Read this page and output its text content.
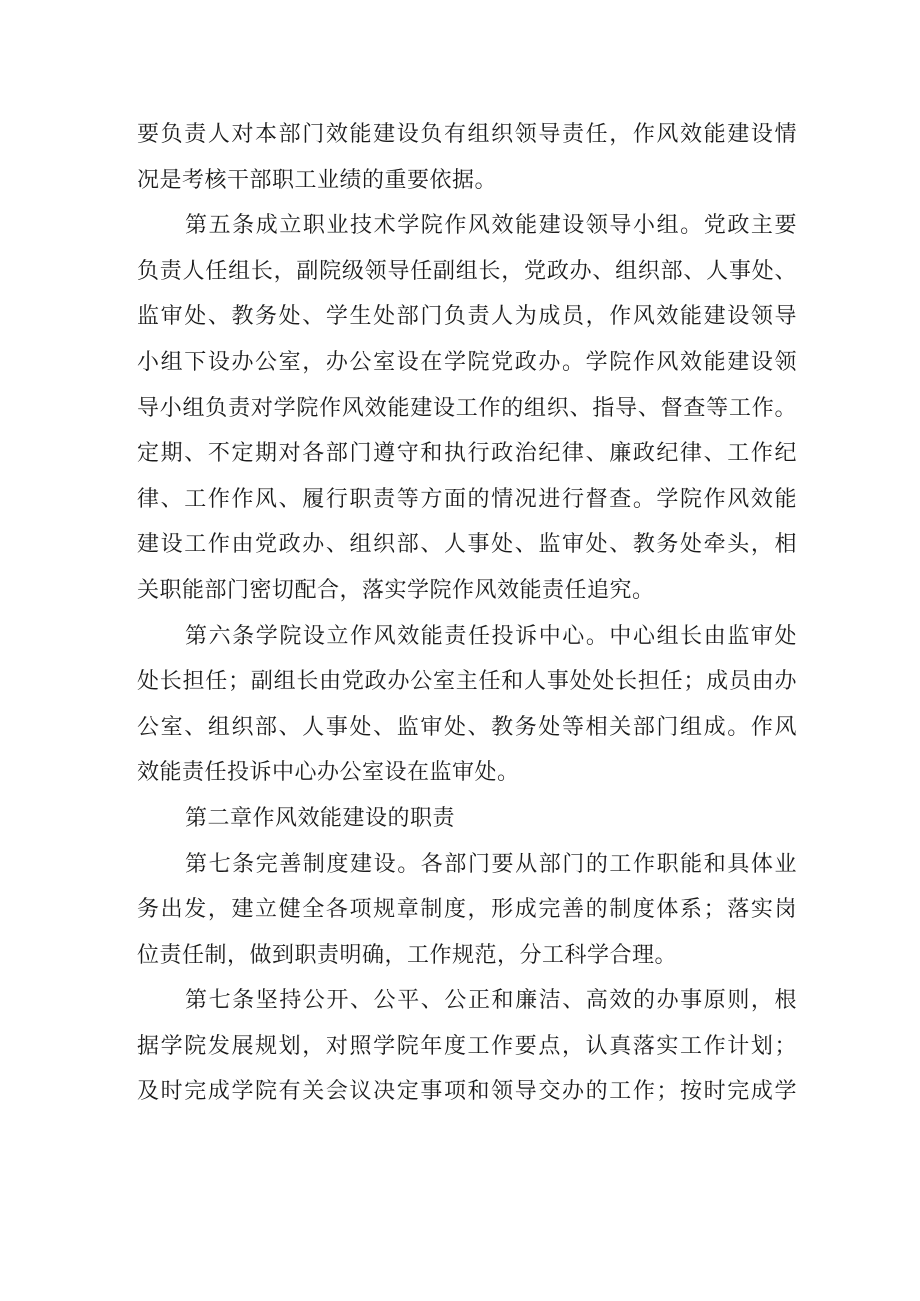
要负责人对本部门效能建设负有组织领导责任，作风效能建设情
况是考核干部职工业绩的重要依据。
第五条成立职业技术学院作风效能建设领导小组。党政主要
负责人任组长，副院级领导任副组长，党政办、组织部、人事处、
监审处、教务处、学生处部门负责人为成员，作风效能建设领导
小组下设办公室，办公室设在学院党政办。学院作风效能建设领
导小组负责对学院作风效能建设工作的组织、指导、督查等工作。
定期、不定期对各部门遵守和执行政治纪律、廉政纪律、工作纪
律、工作作风、履行职责等方面的情况进行督查。学院作风效能
建设工作由党政办、组织部、人事处、监审处、教务处牵头，相
关职能部门密切配合，落实学院作风效能责任追究。
第六条学院设立作风效能责任投诉中心。中心组长由监审处
处长担任；副组长由党政办公室主任和人事处处长担任；成员由办
公室、组织部、人事处、监审处、教务处等相关部门组成。作风
效能责任投诉中心办公室设在监审处。
第二章作风效能建设的职责
第七条完善制度建设。各部门要从部门的工作职能和具体业
务出发，建立健全各项规章制度，形成完善的制度体系；落实岗
位责任制，做到职责明确，工作规范，分工科学合理。
第七条坚持公开、公平、公正和廉洁、高效的办事原则，根
据学院发展规划，对照学院年度工作要点，认真落实工作计划；
及时完成学院有关会议决定事项和领导交办的工作；按时完成学
